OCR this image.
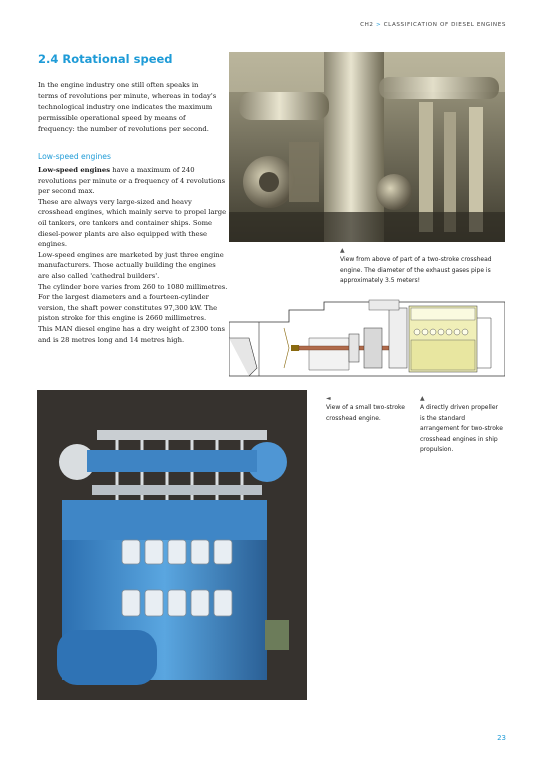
CH2 > CLASSIFICATION OF DIESEL ENGINES
2.4 Rotational speed
In the engine industry one still often speaks in terms of revolutions per minute, whereas in today's technological industry one indicates the maximum permissible operational speed by means of frequency: the number of revolutions per second.
Low-speed engines

Low-speed engines have a maximum of 240 revolutions per minute or a frequency of 4 revolutions per second max.

These are always very large-sized and heavy crosshead engines, which mainly serve to propel large oil tankers, ore tankers and container ships. Some diesel-power plants are also equipped with these engines.

Low-speed engines are marketed by just three engine manufacturers. Those actually building the engines are also called 'cathedral builders'.

The cylinder bore varies from 260 to 1080 millimetres. For the largest diameters and a fourteen-cylinder version, the shaft power constitutes 97,300 kW. The piston stroke for this engine is 2660 millimetres.

This MAN diesel engine has a dry weight of 2300 tons and is 28 metres long and 14 metres high.

▲
View from above of part of a two-stroke crosshead engine. The diameter of the exhaust gases pipe is approximately 3.5 meters!
◄
View of a small two-stroke crosshead engine.
▲
A directly driven propeller is the standard arrangement for two-stroke crosshead engines in ship propulsion.
23
